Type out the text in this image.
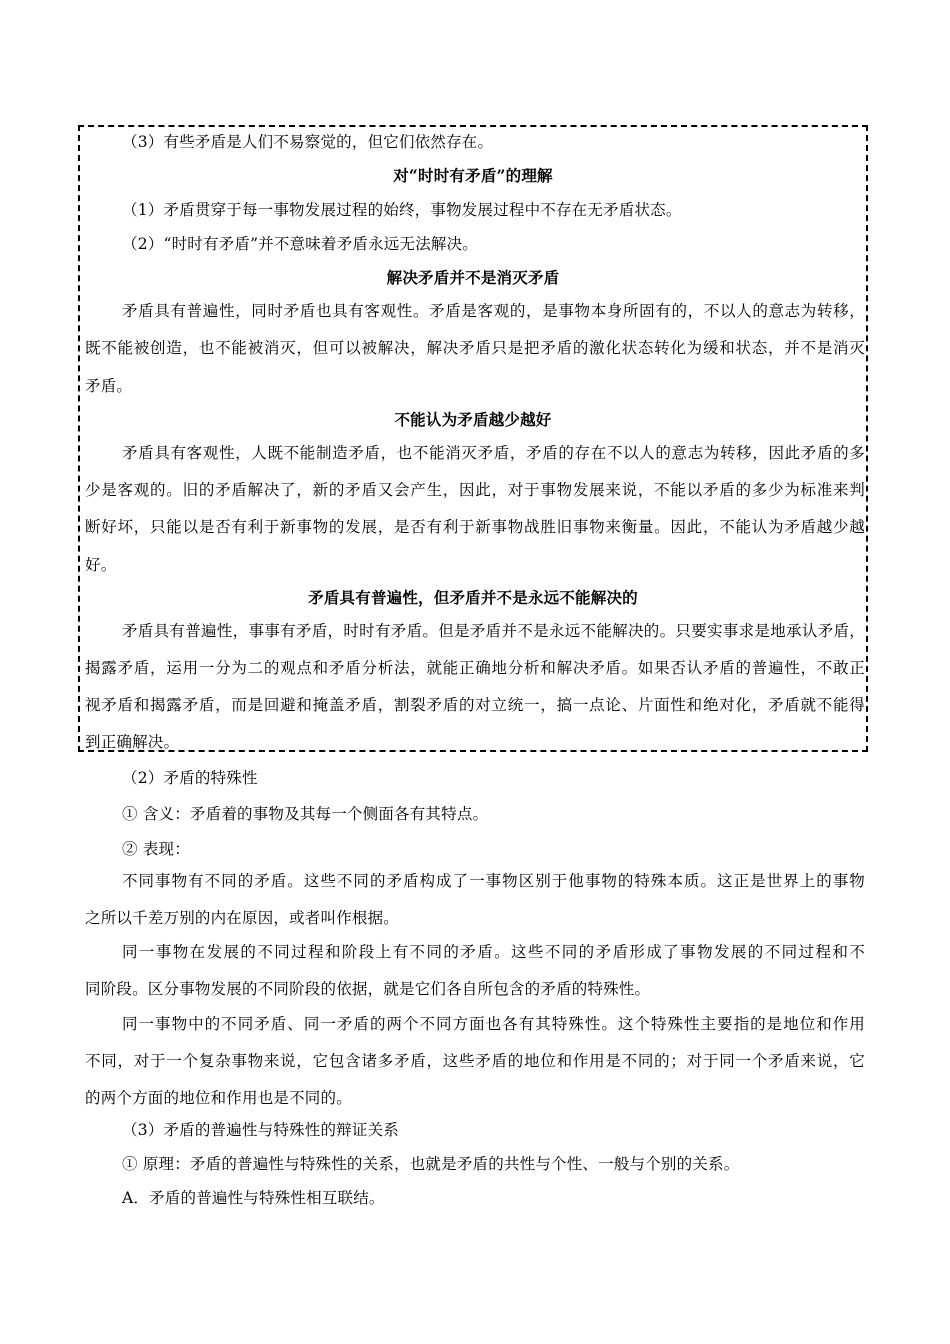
（3）有些矛盾是人们不易察觉的，但它们依然存在。

对“时时有矛盾”的理解

（1）矛盾贯穿于每一事物发展过程的始终，事物发展过程中不存在无矛盾状态。

（2）“时时有矛盾”并不意味着矛盾永远无法解决。

解决矛盾并不是消灭矛盾

矛盾具有普遍性，同时矛盾也具有客观性。矛盾是客观的，是事物本身所固有的，不以人的意志为转移，

既不能被创造，也不能被消灭，但可以被解决，解决矛盾只是把矛盾的激化状态转化为缓和状态，并不是消灭

矛盾。

不能认为矛盾越少越好

矛盾具有客观性，人既不能制造矛盾，也不能消灭矛盾，矛盾的存在不以人的意志为转移，因此矛盾的多

少是客观的。旧的矛盾解决了，新的矛盾又会产生，因此，对于事物发展来说，不能以矛盾的多少为标准来判

断好坏，只能以是否有利于新事物的发展，是否有利于新事物战胜旧事物来衡量。因此，不能认为矛盾越少越

好。

矛盾具有普遍性，但矛盾并不是永远不能解决的

矛盾具有普遍性，事事有矛盾，时时有矛盾。但是矛盾并不是永远不能解决的。只要实事求是地承认矛盾，

揭露矛盾，运用一分为二的观点和矛盾分析法，就能正确地分析和解决矛盾。如果否认矛盾的普遍性，不敢正

视矛盾和揭露矛盾，而是回避和掩盖矛盾，割裂矛盾的对立统一，搞一点论、片面性和绝对化，矛盾就不能得

到正确解决。

（2）矛盾的特殊性

① 含义：矛盾着的事物及其每一个侧面各有其特点。

② 表现：

不同事物有不同的矛盾。这些不同的矛盾构成了一事物区别于他事物的特殊本质。这正是世界上的事物

之所以千差万别的内在原因，或者叫作根据。

同一事物在发展的不同过程和阶段上有不同的矛盾。这些不同的矛盾形成了事物发展的不同过程和不

同阶段。区分事物发展的不同阶段的依据，就是它们各自所包含的矛盾的特殊性。

同一事物中的不同矛盾、同一矛盾的两个不同方面也各有其特殊性。这个特殊性主要指的是地位和作用

不同，对于一个复杂事物来说，它包含诸多矛盾，这些矛盾的地位和作用是不同的；对于同一个矛盾来说，它

的两个方面的地位和作用也是不同的。

（3）矛盾的普遍性与特殊性的辩证关系

① 原理：矛盾的普遍性与特殊性的关系，也就是矛盾的共性与个性、一般与个别的关系。

A．矛盾的普遍性与特殊性相互联结。
